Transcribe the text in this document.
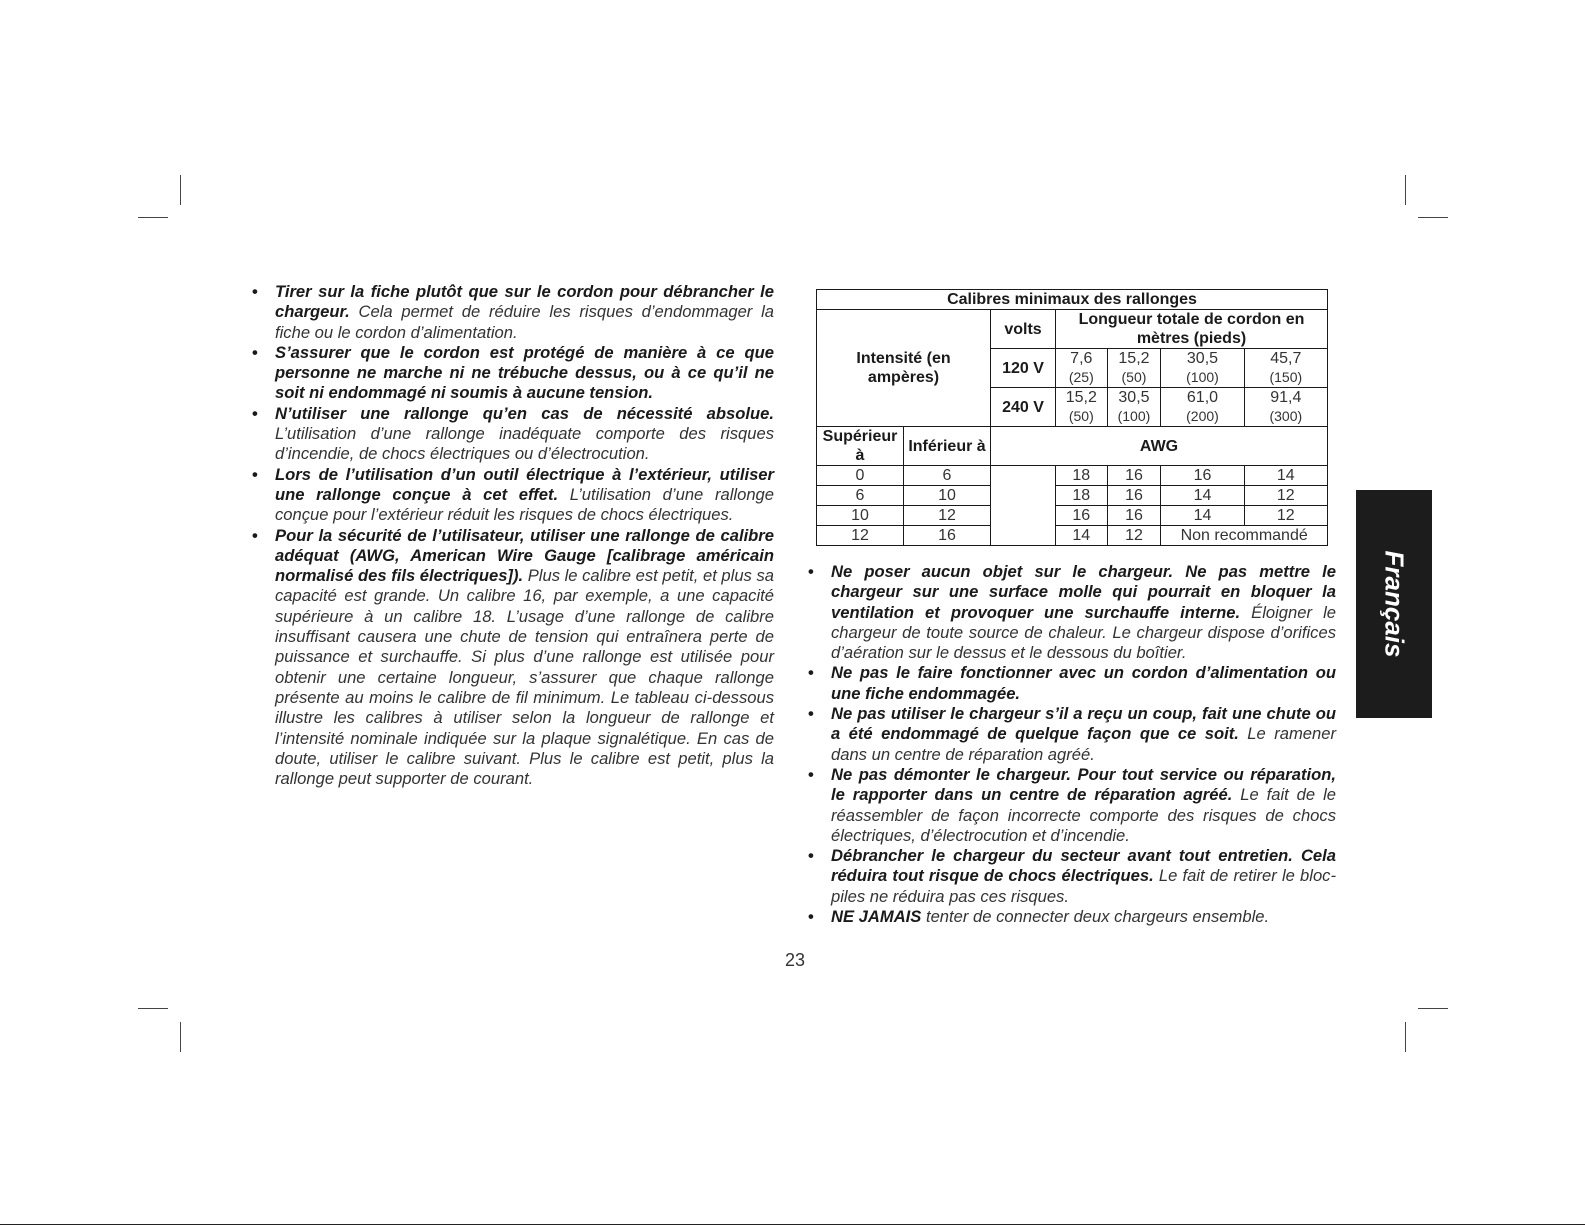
• Tirer sur la fiche plutôt que sur le cordon pour débrancher le chargeur. Cela permet de réduire les risques d’endommager la fiche ou le cordon d’alimentation.
• S’assurer que le cordon est protégé de manière à ce que personne ne marche ni ne trébuche dessus, ou à ce qu’il ne soit ni endommagé ni soumis à aucune tension.
• N’utiliser une rallonge qu’en cas de nécessité absolue. L’utilisation d’une rallonge inadéquate comporte des risques d’incendie, de chocs électriques ou d’électrocution.
• Lors de l’utilisation d’un outil électrique à l’extérieur, utiliser une rallonge conçue à cet effet. L’utilisation d’une rallonge conçue pour l’extérieur réduit les risques de chocs électriques.
• Pour la sécurité de l’utilisateur, utiliser une rallonge de calibre adéquat (AWG, American Wire Gauge [calibrage américain normalisé des fils électriques]). Plus le calibre est petit, et plus sa capacité est grande. Un calibre 16, par exemple, a une capacité supérieure à un calibre 18. L’usage d’une rallonge de calibre insuffisant causera une chute de tension qui entraînera perte de puissance et surchauffe. Si plus d’une rallonge est utilisée pour obtenir une certaine longueur, s’assurer que chaque rallonge présente au moins le calibre de fil minimum. Le tableau ci-dessous illustre les calibres à utiliser selon la longueur de rallonge et l’intensité nominale indiquée sur la plaque signalétique. En cas de doute, utiliser le calibre suivant. Plus le calibre est petit, plus la rallonge peut supporter de courant.
Calibres minimaux des rallonges						
Intensité (en ampères)		volts	Longueur totale de cordon en mètres (pieds)			
		120 V	7,6	15,2	30,5	45,7
			(25)	(50)	(100)	(150)
		240 V	15,2	30,5	61,0	91,4
			(50)	(100)	(200)	(300)
Supérieur à	Inférieur à	AWG				
0	6		18	16	16	14
6	10		18	16	14	12
10	12		16	16	14	12
12	16		14	12	Non recommandé	
• Ne poser aucun objet sur le chargeur. Ne pas mettre le chargeur sur une surface molle qui pourrait en bloquer la ventilation et provoquer une surchauffe interne. Éloigner le chargeur de toute source de chaleur. Le chargeur dispose d’orifices d’aération sur le dessus et le dessous du boîtier.
• Ne pas le faire fonctionner avec un cordon d’alimentation ou une fiche endommagée.
• Ne pas utiliser le chargeur s’il a reçu un coup, fait une chute ou a été endommagé de quelque façon que ce soit. Le ramener dans un centre de réparation agréé.
• Ne pas démonter le chargeur. Pour tout service ou réparation, le rapporter dans un centre de réparation agréé. Le fait de le réassembler de façon incorrecte comporte des risques de chocs électriques, d’électrocution et d’incendie.
• Débrancher le chargeur du secteur avant tout entretien. Cela réduira tout risque de chocs électriques. Le fait de retirer le bloc-piles ne réduira pas ces risques.
• NE JAMAIS tenter de connecter deux chargeurs ensemble.
23
Français
